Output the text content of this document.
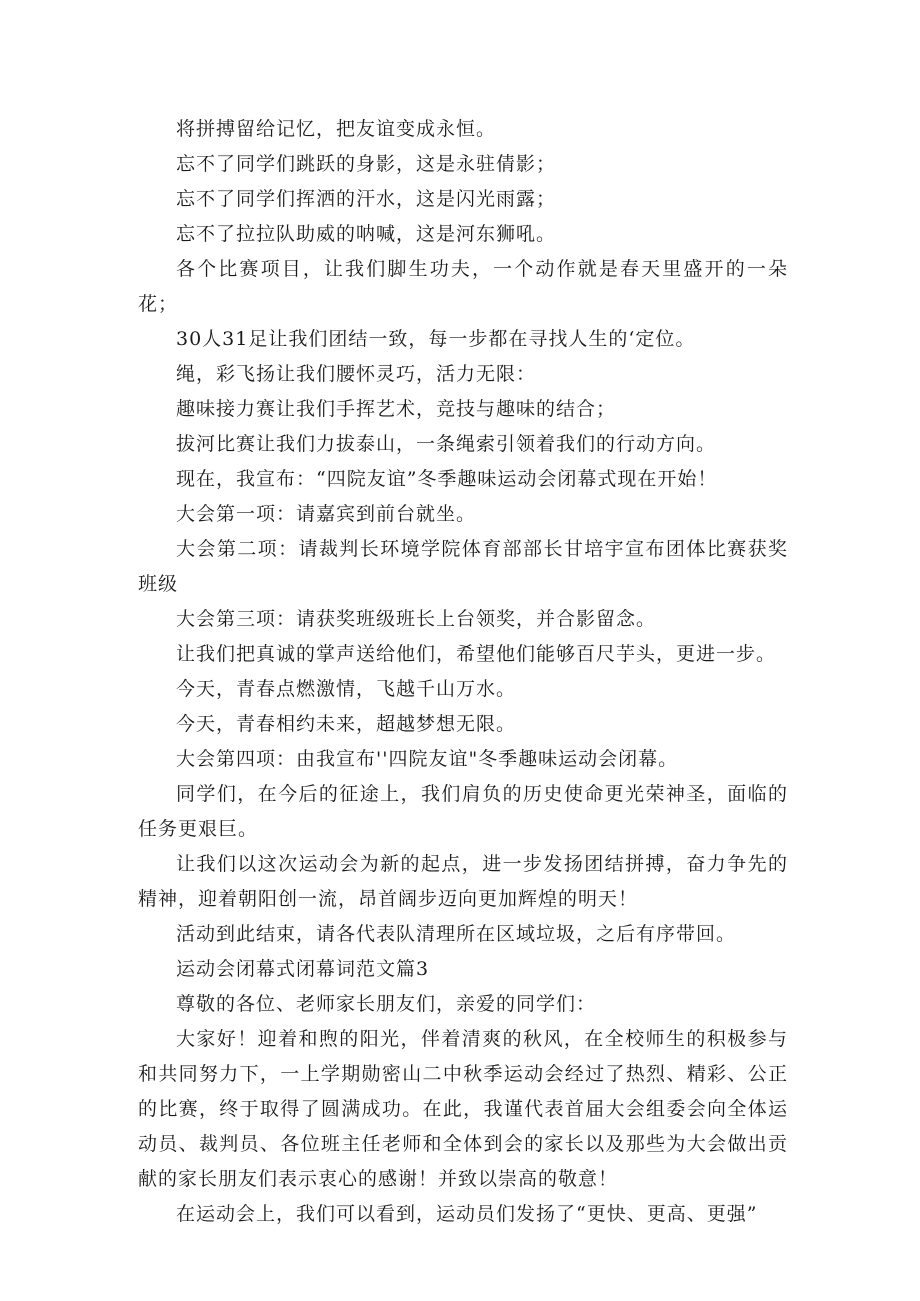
将拼搏留给记忆，把友谊变成永恒。

忘不了同学们跳跃的身影，这是永驻倩影；

忘不了同学们挥洒的汗水，这是闪光雨露；

忘不了拉拉队助威的呐喊，这是河东狮吼。

各个比赛项目，让我们脚生功夫，一个动作就是春天里盛开的一朵花；

30人31足让我们团结一致，每一步都在寻找人生的‘定位。

绳，彩飞扬让我们腰怀灵巧，活力无限：

趣味接力赛让我们手挥艺术，竞技与趣味的结合；

拔河比赛让我们力拔泰山，一条绳索引领着我们的行动方向。

现在，我宣布：“四院友谊”冬季趣味运动会闭幕式现在开始！

大会第一项：请嘉宾到前台就坐。

大会第二项：请裁判长环境学院体育部部长甘培宇宣布团体比赛获奖班级

大会第三项：请获奖班级班长上台领奖，并合影留念。

让我们把真诚的掌声送给他们，希望他们能够百尺芋头，更进一步。

今天，青春点燃激情，飞越千山万水。

今天，青春相约未来，超越梦想无限。

大会第四项：由我宣布''四院友谊"冬季趣味运动会闭幕。

同学们，在今后的征途上，我们肩负的历史使命更光荣神圣，面临的任务更艰巨。

让我们以这次运动会为新的起点，进一步发扬团结拼搏，奋力争先的精神，迎着朝阳创一流，昂首阔步迈向更加辉煌的明天！

活动到此结束，请各代表队清理所在区域垃圾，之后有序带回。

运动会闭幕式闭幕词范文篇3

尊敬的各位、老师家长朋友们，亲爱的同学们：

大家好！迎着和煦的阳光，伴着清爽的秋风，在全校师生的积极参与和共同努力下，一上学期勋密山二中秋季运动会经过了热烈、精彩、公正的比赛，终于取得了圆满成功。在此，我谨代表首届大会组委会向全体运动员、裁判员、各位班主任老师和全体到会的家长以及那些为大会做出贡献的家长朋友们表示衷心的感谢！并致以崇高的敬意！

在运动会上，我们可以看到，运动员们发扬了“更快、更高、更强”
